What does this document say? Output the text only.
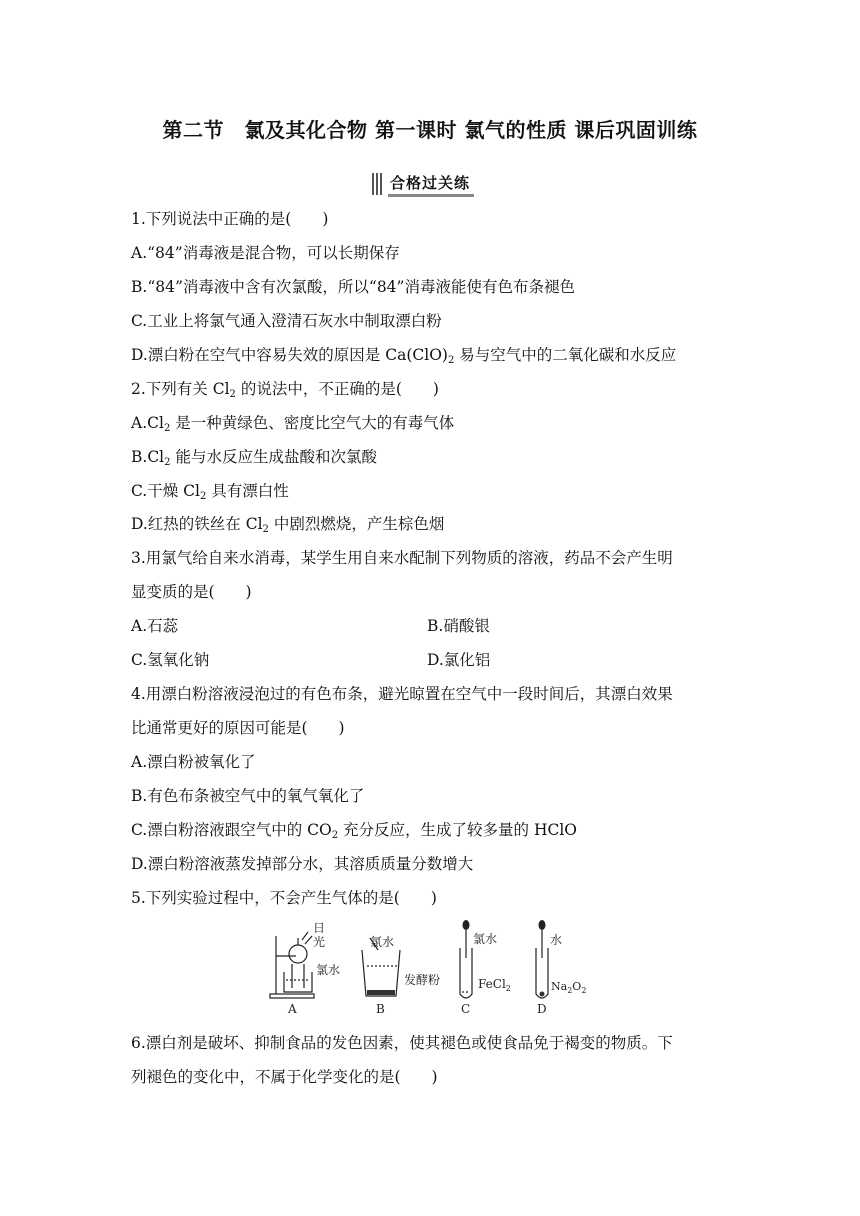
第二节　氯及其化合物 第一课时 氯气的性质 课后巩固训练
合格过关练
1.下列说法中正确的是(　　)
A.“84”消毒液是混合物，可以长期保存
B.“84”消毒液中含有次氯酸，所以“84”消毒液能使有色布条褪色
C.工业上将氯气通入澄清石灰水中制取漂白粉
D.漂白粉在空气中容易失效的原因是 $Ca(ClO)_2$ 易与空气中的二氧化碳和水反应
2.下列有关 $Cl_2$ 的说法中，不正确的是(　　)
$A.Cl_2$ 是一种黄绿色、密度比空气大的有毒气体
$B.Cl_2$ 能与水反应生成盐酸和次氯酸
C.干燥 $Cl_2$ 具有漂白性
D.红热的铁丝在 $Cl_2$ 中剧烈燃烧，产生棕色烟
3.用氯气给自来水消毒，某学生用自来水配制下列物质的溶液，药品不会产生明
显变质的是(　　)
A.石蕊	B.硝酸银
C.氢氧化钠	D.氯化铝
4.用漂白粉溶液浸泡过的有色布条，避光晾置在空气中一段时间后，其漂白效果
比通常更好的原因可能是(　　)
A.漂白粉被氧化了
B.有色布条被空气中的氧气氧化了
C.漂白粉溶液跟空气中的 $CO_2$ 充分反应，生成了较多量的 HClO
D.漂白粉溶液蒸发掉部分水，其溶质质量分数增大
5.下列实验过程中，不会产生气体的是(　　)
日
光
氯水
A
氯水
发酵粉
B
氯水
FeCl$_2$
C
水
$Na_2O_2$
D
6.漂白剂是破坏、抑制食品的发色因素，使其褪色或使食品免于褐变的物质。下
列褪色的变化中，不属于化学变化的是(　　)
